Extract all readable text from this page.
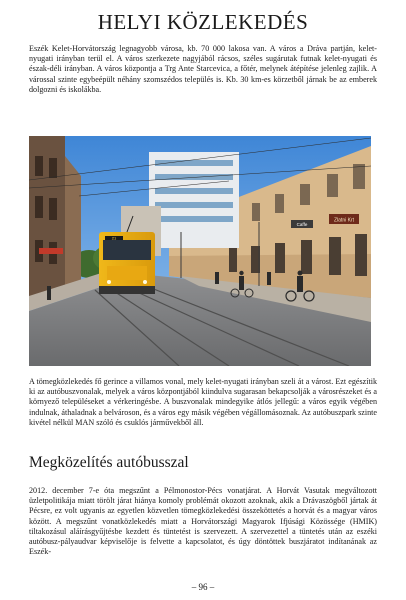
HELYI KÖZLEKEDÉS

Eszék Kelet-Horvátország legnagyobb városa, kb. 70 000 lakosa van. A város a Dráva partján, kelet-nyugati irányban terül el. A város szerkezete nagyjából rácsos, széles sugárutak futnak kelet-nyugati és észak-déli irányban. A város központja a Trg Ante Starcevica, a főtér, melynek átépítése jelenleg zajlik. A várossal szinte egybeépült néhány szomszédos település is. Kb. 30 km-es körzetből járnak be az emberek dolgozni és iskolákba.

Zlatni Krt
Caffe
21

A tömegközlekedés fő gerince a villamos vonal, mely kelet-nyugati irányban szeli át a várost. Ezt egészítik ki az autóbuszvonalak, melyek a város központjából kiindulva sugarasan bekapcsolják a városrészeket és a környező településeket a vérkeringésbe. A buszvonalak mindegyike átlós jellegű: a város egyik végében indulnak, áthaladnak a belvároson, és a város egy másik végében végállomásoznak. Az autóbuszpark szinte kivétel nélkül MAN szóló és csuklós járművekből áll.

Megközelítés autóbusszal

2012. december 7-e óta megszűnt a Pélmonostor-Pécs vonatjárat. A Horvát Vasutak megváltozott üzletpolitikája miatt törölt járat hiánya komoly problémát okozott azoknak, akik a Drávaszögből jártak át Pécsre, ez volt ugyanis az egyetlen közvetlen tömegközlekedési összeköttetés a horvát és a magyar város között. A megszűnt vonatközlekedés miatt a Horvátországi Magyarok Ifjúsági Közössége (HMIK) tiltakozásul aláírásgyűjtésbe kezdett és tüntetést is szervezett. A szervezettel a tüntetés után az eszéki autóbusz-pályaudvar képviselője is felvette a kapcsolatot, és úgy döntöttek buszjáratot indítanának az Eszék-

– 96 –
